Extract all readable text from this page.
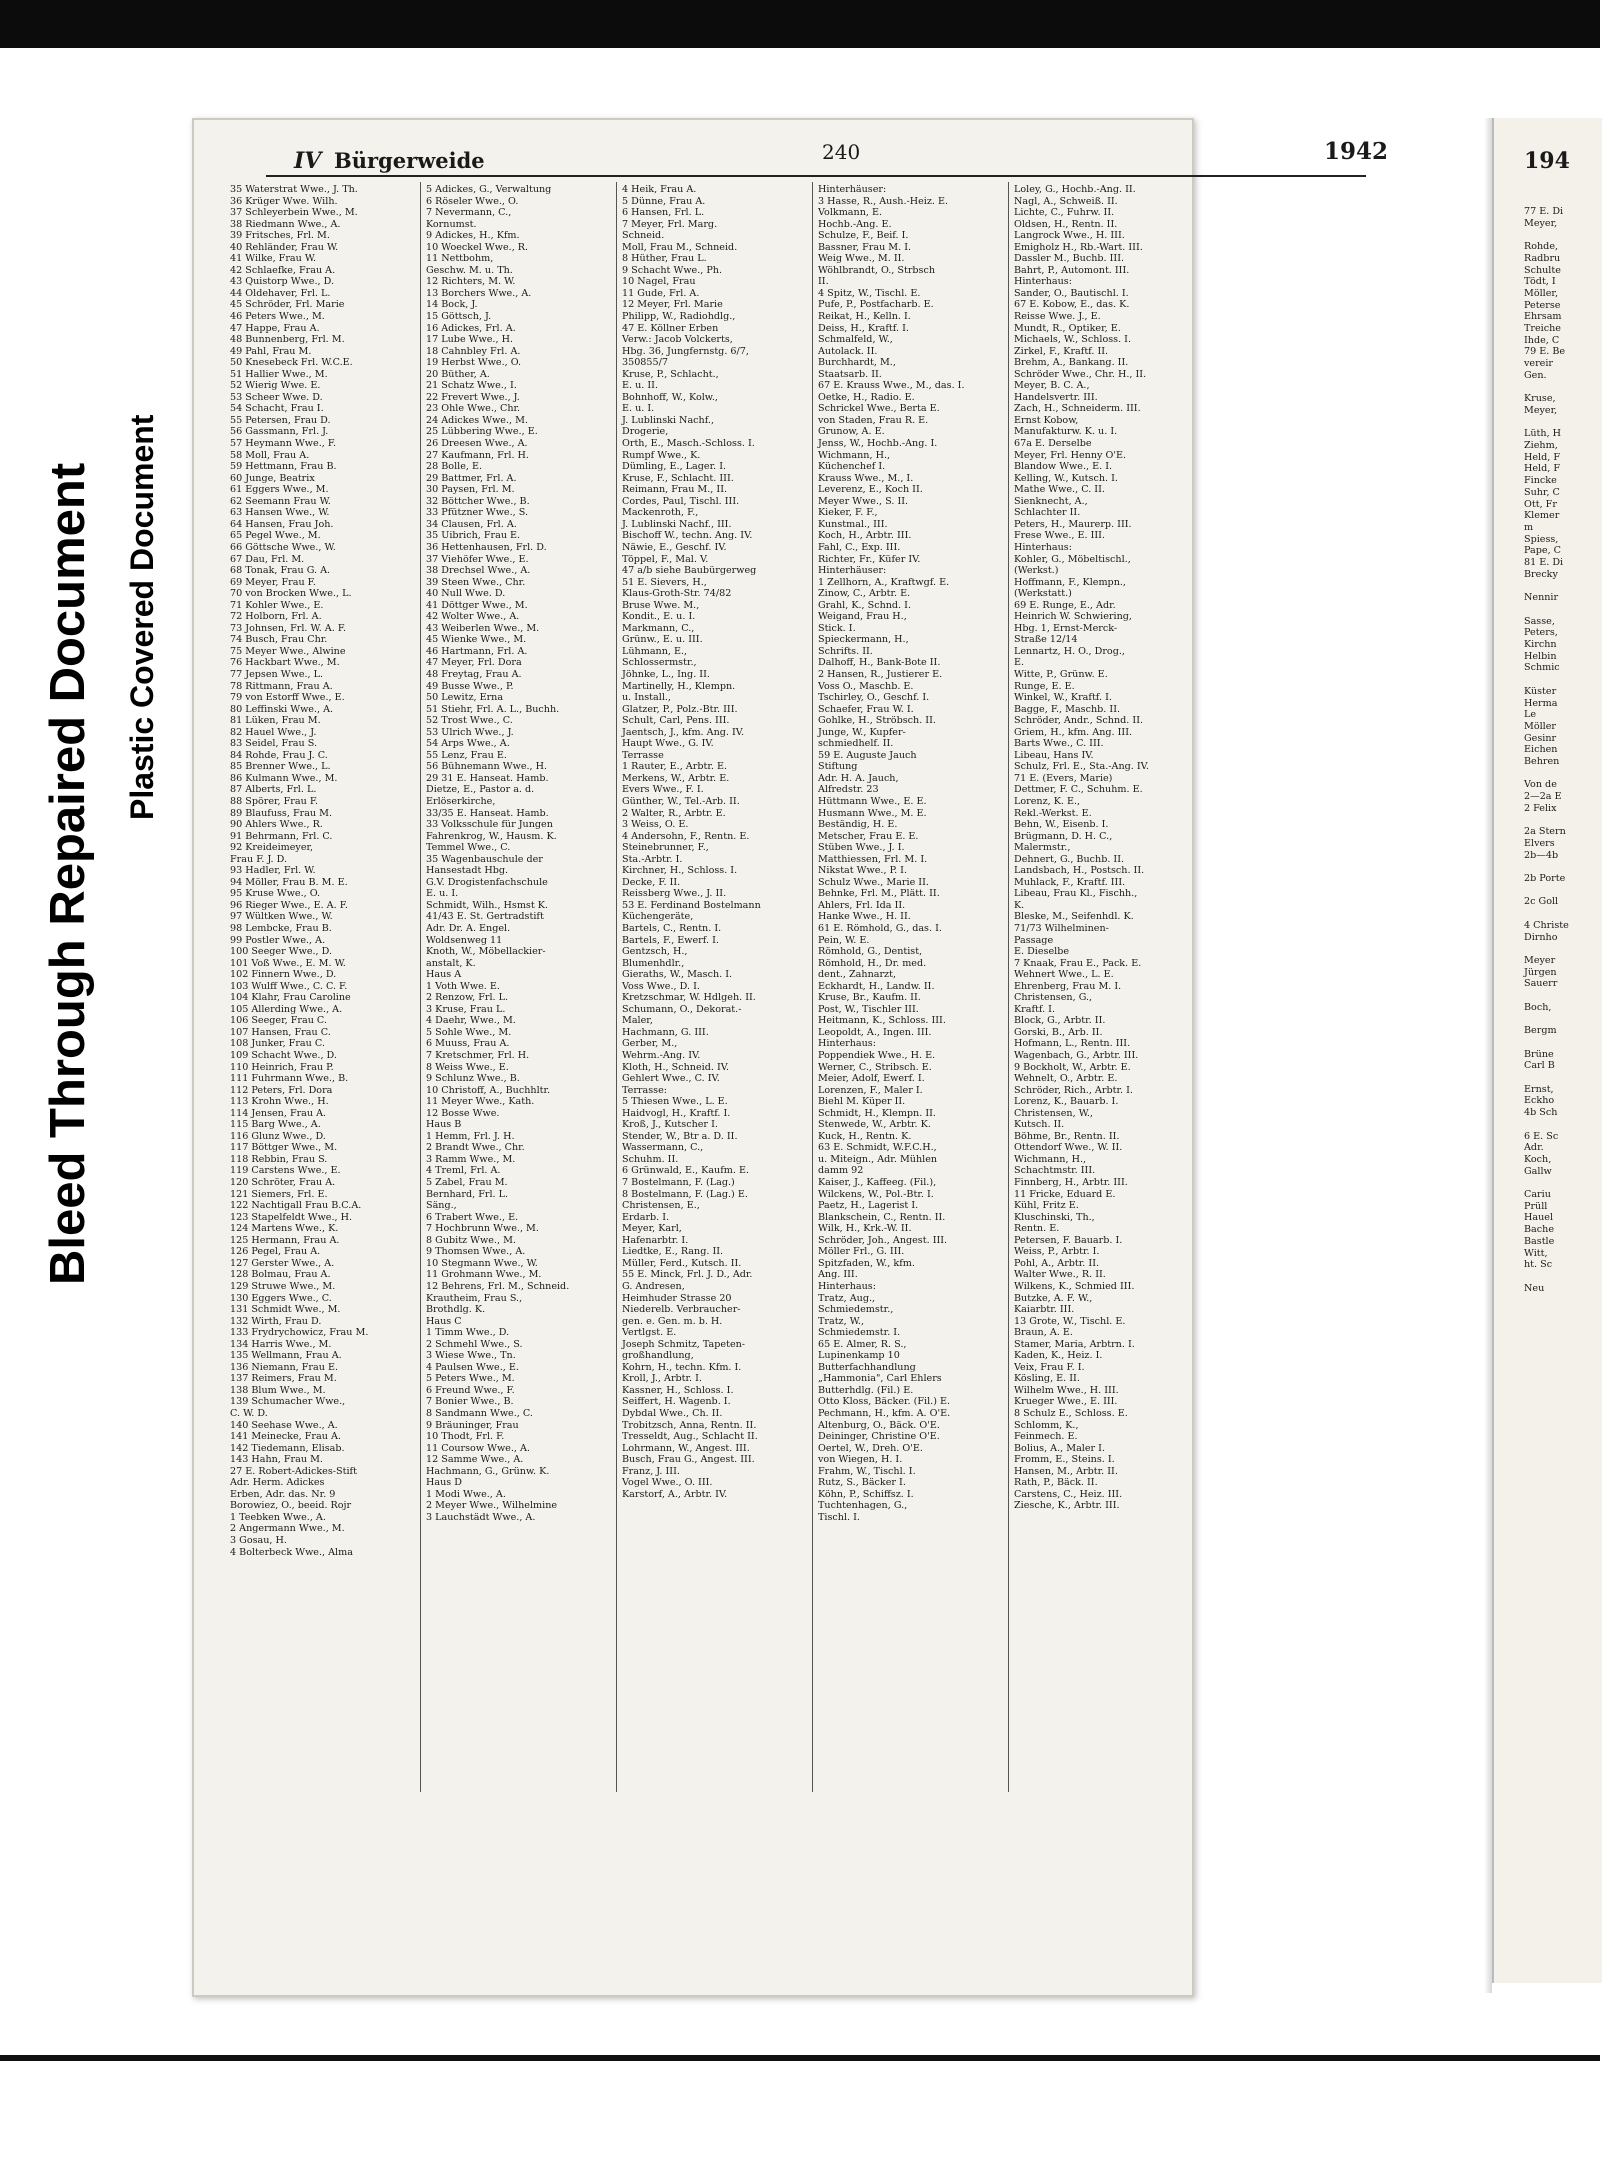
Bleed Through Repaired Document Plastic Covered Document
IV Bürgerweide	240	1942
35 Waterstrat Wwe., J. Th.
36 Krüger Wwe. Wilh.
37 Schleyerbein Wwe., M.
38 Riedmann Wwe., A.
39 Fritsches, Frl. M.
40 Rehländer, Frau W.
41 Wilke, Frau W.
42 Schlaefke, Frau A.
43 Quistorp Wwe., D.
44 Oldehaver, Frl. L.
45 Schröder, Frl. Marie
46 Peters Wwe., M.
47 Happe, Frau A.
48 Bunnenberg, Frl. M.
49 Pahl, Frau M.
50 Knesebeck Frl. W.C.E.
51 Hallier Wwe., M.
52 Wierig Wwe. E.
53 Scheer Wwe. D.
54 Schacht, Frau I.
55 Petersen, Frau D.
56 Gassmann, Frl. J.
57 Heymann Wwe., F.
58 Moll, Frau A.
59 Hettmann, Frau B.
60 Junge, Beatrix
61 Eggers Wwe., M.
62 Seemann Frau W.
63 Hansen Wwe., W.
64 Hansen, Frau Joh.
65 Pegel Wwe., M.
66 Göttsche Wwe., W.
67 Dau, Frl. M.
68 Tonak, Frau G. A.
69 Meyer, Frau F.
70 von Brocken Wwe., L.
71 Kohler Wwe., E.
72 Holborn, Frl. A.
73 Johnsen, Frl. W. A. F.
74 Busch, Frau Chr.
75 Meyer Wwe., Alwine
76 Hackbart Wwe., M.
77 Jepsen Wwe., L.
78 Rittmann, Frau A.
79 von Estorff Wwe., E.
80 Leffinski Wwe., A.
81 Lüken, Frau M.
82 Hauel Wwe., J.
83 Seidel, Frau S.
84 Rohde, Frau J. C.
85 Brenner Wwe., L.
86 Kulmann Wwe., M.
87 Alberts, Frl. L.
88 Spörer, Frau F.
89 Blaufuss, Frau M.
90 Ahlers Wwe., R.
91 Behrmann, Frl. C.
92 Kreideimeyer,
Frau F. J. D.
93 Hadler, Frl. W.
94 Möller, Frau B. M. E.
95 Kruse Wwe., O.
96 Rieger Wwe., E. A. F.
97 Wültken Wwe., W.
98 Lembcke, Frau B.
99 Postler Wwe., A.
100 Seeger Wwe., D.
101 Voß Wwe., E. M. W.
102 Finnern Wwe., D.
103 Wulff Wwe., C. C. F.
104 Klahr, Frau Caroline
105 Allerding Wwe., A.
106 Seeger, Frau C.
107 Hansen, Frau C.
108 Junker, Frau C.
109 Schacht Wwe., D.
110 Heinrich, Frau P.
111 Fuhrmann Wwe., B.
112 Peters, Frl. Dora
113 Krohn Wwe., H.
114 Jensen, Frau A.
115 Barg Wwe., A.
116 Glunz Wwe., D.
117 Böttger Wwe., M.
118 Rebbin, Frau S.
119 Carstens Wwe., E.
120 Schröter, Frau A.
121 Siemers, Frl. E.
122 Nachtigall Frau B.C.A.
123 Stapelfeldt Wwe., H.
124 Martens Wwe., K.
125 Hermann, Frau A.
126 Pegel, Frau A.
127 Gerster Wwe., A.
128 Bolmau, Frau A.
129 Struwe Wwe., M.
130 Eggers Wwe., C.
131 Schmidt Wwe., M.
132 Wirth, Frau D.
133 Frydrychowicz, Frau M.
134 Harris Wwe., M.
135 Wellmann, Frau A.
136 Niemann, Frau E.
137 Reimers, Frau M.
138 Blum Wwe., M.
139 Schumacher Wwe.,
C. W. D.
140 Seehase Wwe., A.
141 Meinecke, Frau A.
142 Tiedemann, Elisab.
143 Hahn, Frau M.
27 E. Robert-Adickes-Stift
Adr. Herm. Adickes
Erben, Adr. das. Nr. 9
Borowiez, O., beeid. Rojr
1 Teebken Wwe., A.
2 Angermann Wwe., M.
3 Gosau, H.
4 Bolterbeck Wwe., Alma
5 Adickes, G., Verwaltung
6 Röseler Wwe., O.
7 Nevermann, C.,
Kornumst.
9 Adickes, H., Kfm.
10 Woeckel Wwe., R.
11 Nettbohm,
Geschw. M. u. Th.
12 Richters, M. W.
13 Borchers Wwe., A.
14 Bock, J.
15 Göttsch, J.
16 Adickes, Frl. A.
17 Lube Wwe., H.
18 Cahnbley Frl. A.
19 Herbst Wwe., O.
20 Büther, A.
21 Schatz Wwe., I.
22 Frevert Wwe., J.
23 Ohle Wwe., Chr.
24 Adickes Wwe., M.
25 Lübbering Wwe., E.
26 Dreesen Wwe., A.
27 Kaufmann, Frl. H.
28 Bolle, E.
29 Battmer, Frl. A.
30 Paysen, Frl. M.
32 Böttcher Wwe., B.
33 Pfützner Wwe., S.
34 Clausen, Frl. A.
35 Uibrich, Frau E.
36 Hettenhausen, Frl. D.
37 Viehöfer Wwe., E.
38 Drechsel Wwe., A.
39 Steen Wwe., Chr.
40 Null Wwe. D.
41 Döttger Wwe., M.
42 Wolter Wwe., A.
43 Weiberlen Wwe., M.
45 Wienke Wwe., M.
46 Hartmann, Frl. A.
47 Meyer, Frl. Dora
48 Freytag, Frau A.
49 Busse Wwe., P.
50 Lewitz, Erna
51 Stiehr, Frl. A. L., Buchh.
52 Trost Wwe., C.
53 Ulrich Wwe., J.
54 Arps Wwe., A.
55 Lenz, Frau E.
56 Bühnemann Wwe., H.
29 31 E. Hanseat. Hamb.
Dietze, E., Pastor a. d.
Erlöserkirche,
33/35 E. Hanseat. Hamb.
33 Volksschule für Jungen
Fahrenkrog, W., Hausm. K.
Temmel Wwe., C.
35 Wagenbauschule der
Hansestadt Hbg.
G.V. Drogistenfachschule
E. u. I.
Schmidt, Wilh., Hsmst K.
41/43 E. St. Gertradstift
Adr. Dr. A. Engel.
Woldsenweg 11
Knoth, W., Möbellackier-
anstalt, K.
Haus A
1 Voth Wwe. E.
2 Renzow, Frl. L.
3 Kruse, Frau L.
4 Daehr, Wwe., M.
5 Sohle Wwe., M.
6 Muuss, Frau A.
7 Kretschmer, Frl. H.
8 Weiss Wwe., E.
9 Schlunz Wwe., B.
10 Christoff, A., Buchhltr.
11 Meyer Wwe., Kath.
12 Bosse Wwe.
Haus B
1 Hemm, Frl. J. H.
2 Brandt Wwe., Chr.
3 Ramm Wwe., M.
4 Treml, Frl. A.
5 Zabel, Frau M.
Bernhard, Frl. L.
Säng.,
6 Trabert Wwe., E.
7 Hochbrunn Wwe., M.
8 Gubitz Wwe., M.
9 Thomsen Wwe., A.
10 Stegmann Wwe., W.
11 Grohmann Wwe., M.
12 Behrens, Frl. M., Schneid.
Krautheim, Frau S.,
Brothdlg. K.
Haus C
1 Timm Wwe., D.
2 Schmehl Wwe., S.
3 Wiese Wwe., Tn.
4 Paulsen Wwe., E.
5 Peters Wwe., M.
6 Freund Wwe., F.
7 Bonier Wwe., B.
8 Sandmann Wwe., C.
9 Bräuninger, Frau
10 Thodt, Frl. F.
11 Coursow Wwe., A.
12 Samme Wwe., A.
Hachmann, G., Grünw. K.
Haus D
1 Modi Wwe., A.
2 Meyer Wwe., Wilhelmine
3 Lauchstädt Wwe., A.
4 Heik, Frau A.
5 Dünne, Frau A.
6 Hansen, Frl. L.
7 Meyer, Frl. Marg.
Schneid.
Moll, Frau M., Schneid.
8 Hüther, Frau L.
9 Schacht Wwe., Ph.
10 Nagel, Frau
11 Gude, Frl. A.
12 Meyer, Frl. Marie
Philipp, W., Radiohdlg.,
47 E. Köllner Erben
Verw.: Jacob Volckerts,
Hbg. 36, Jungfernstg. 6/7,
350855/7
Kruse, P., Schlacht.,
E. u. II.
Bohnhoff, W., Kolw.,
E. u. I.
J. Lublinski Nachf.,
Drogerie,
Orth, E., Masch.-Schloss. I.
Rumpf Wwe., K.
Dümling, E., Lager. I.
Kruse, F., Schlacht. III.
Reimann, Frau M., II.
Cordes, Paul, Tischl. III.
Mackenroth, F.,
J. Lublinski Nachf., III.
Bischoff W., techn. Ang. IV.
Näwie, E., Geschf. IV.
Töppel, F., Mal. V.
47 a/b siehe Baubürgerweg
51 E. Sievers, H.,
Klaus-Groth-Str. 74/82
Bruse Wwe. M.,
Kondit., E. u. I.
Markmann, C.,
Grünw., E. u. III.
Lühmann, E.,
Schlossermstr.,
Jöhnke, L., Ing. II.
Martinelly, H., Klempn.
u. Install.,
Glatzer, P., Polz.-Btr. III.
Schult, Carl, Pens. III.
Jaentsch, J., kfm. Ang. IV.
Haupt Wwe., G. IV.
Terrasse
1 Rauter, E., Arbtr. E.
Merkens, W., Arbtr. E.
Evers Wwe., F. I.
Günther, W., Tel.-Arb. II.
2 Walter, R., Arbtr. E.
3 Weiss, O. E.
4 Andersohn, F., Rentn. E.
Steinebrunner, F.,
Sta.-Arbtr. I.
Kirchner, H., Schloss. I.
Decke, F. II.
Reissberg Wwe., J. II.
53 E. Ferdinand Bostelmann
Küchengeräte,
Bartels, C., Rentn. I.
Bartels, F., Ewerf. I.
Gentzsch, H.,
Blumenhdlr.,
Gieraths, W., Masch. I.
Voss Wwe., D. I.
Kretzschmar, W. Hdlgeh. II.
Schumann, O., Dekorat.-
Maler,
Hachmann, G. III.
Gerber, M.,
Wehrm.-Ang. IV.
Kloth, H., Schneid. IV.
Gehlert Wwe., C. IV.
Terrasse:
5 Thiesen Wwe., L. E.
Haidvogl, H., Kraftf. I.
Kroß, J., Kutscher I.
Stender, W., Btr a. D. II.
Wassermann, C.,
Schuhm. II.
6 Grünwald, E., Kaufm. E.
7 Bostelmann, F. (Lag.)
8 Bostelmann, F. (Lag.) E.
Christensen, E.,
Erdarb. I.
Meyer, Karl,
Hafenarbtr. I.
Liedtke, E., Rang. II.
Müller, Ferd., Kutsch. II.
55 E. Minck, Frl. J. D., Adr.
G. Andresen,
Heimhuder Strasse 20
Niederelb. Verbraucher-
gen. e. Gen. m. b. H.
Vertlgst. E.
Joseph Schmitz, Tapeten-
großhandlung,
Kohrn, H., techn. Kfm. I.
Kroll, J., Arbtr. I.
Kassner, H., Schloss. I.
Seiffert, H. Wagenb. I.
Dybdal Wwe., Ch. II.
Trobitzsch, Anna, Rentn. II.
Tresseldt, Aug., Schlacht II.
Lohrmann, W., Angest. III.
Busch, Frau G., Angest. III.
Franz, J. III.
Vogel Wwe., O. III.
Karstorf, A., Arbtr. IV.
Hinterhäuser:
3 Hasse, R., Aush.-Heiz. E.
Volkmann, E.
Hochb.-Ang. E.
Schulze, F., Beif. I.
Bassner, Frau M. I.
Weig Wwe., M. II.
Wöhlbrandt, O., Strbsch
II.
4 Spitz, W., Tischl. E.
Pufe, P., Postfacharb. E.
Reikat, H., Kelln. I.
Deiss, H., Kraftf. I.
Schmalfeld, W.,
Autolack. II.
Burchhardt, M.,
Staatsarb. II.
67 E. Krauss Wwe., M., das. I.
Oetke, H., Radio. E.
Schrickel Wwe., Berta E.
von Staden, Frau R. E.
Grunow, A. E.
Jenss, W., Hochb.-Ang. I.
Wichmann, H.,
Küchenchef I.
Krauss Wwe., M., I.
Leverenz, E., Koch II.
Meyer Wwe., S. II.
Kieker, F. F.,
Kunstmal., III.
Koch, H., Arbtr. III.
Fahl, C., Exp. III.
Richter, Fr., Küfer IV.
Hinterhäuser:
1 Zellhorn, A., Kraftwgf. E.
Zinow, C., Arbtr. E.
Grahl, K., Schnd. I.
Weigand, Frau H.,
Stick. I.
Spieckermann, H.,
Schrifts. II.
Dalhoff, H., Bank-Bote II.
2 Hansen, R., Justierer E.
Voss O., Maschb. E.
Tschirley, O., Geschf. I.
Schaefer, Frau W. I.
Gohlke, H., Ströbsch. II.
Junge, W., Kupfer-
schmiedhelf. II.
59 E. Auguste Jauch
Stiftung
Adr. H. A. Jauch,
Alfredstr. 23
Hüttmann Wwe., E. E.
Husmann Wwe., M. E.
Beständig, H. E.
Metscher, Frau E. E.
Stüben Wwe., J. I.
Matthiessen, Frl. M. I.
Nikstat Wwe., P. I.
Schulz Wwe., Marie II.
Behnke, Frl. M., Plätt. II.
Ahlers, Frl. Ida II.
Hanke Wwe., H. II.
61 E. Römhold, G., das. I.
Pein, W. E.
Römhold, G., Dentist,
Römhold, H., Dr. med.
dent., Zahnarzt,
Eckhardt, H., Landw. II.
Kruse, Br., Kaufm. II.
Post, W., Tischler III.
Heitmann, K., Schloss. III.
Leopoldt, A., Ingen. III.
Hinterhaus:
Poppendiek Wwe., H. E.
Werner, C., Stribsch. E.
Meier, Adolf, Ewerf. I.
Lorenzen, F., Maler I.
Biehl M. Küper II.
Schmidt, H., Klempn. II.
Stenwede, W., Arbtr. K.
Kuck, H., Rentn. K.
63 E. Schmidt, W.F.C.H.,
u. Miteign., Adr. Mühlen
damm 92
Kaiser, J., Kaffeeg. (Fil.),
Wilckens, W., Pol.-Btr. I.
Paetz, H., Lagerist I.
Blankschein, C., Rentn. II.
Wilk, H., Krk.-W. II.
Schröder, Joh., Angest. III.
Möller Frl., G. III.
Spitzfaden, W., kfm.
Ang. III.
Hinterhaus:
Tratz, Aug.,
Schmiedemstr.,
Tratz, W.,
Schmiedemstr. I.
65 E. Almer, R. S.,
Lupinenkamp 10
Butterfachhandlung
„Hammonia", Carl Ehlers
Butterhdlg. (Fil.) E.
Otto Kloss, Bäcker. (Fil.) E.
Pechmann, H., kfm. A. O'E.
Altenburg, O., Bäck. O'E.
Deininger, Christine O'E.
Oertel, W., Dreh. O'E.
von Wiegen, H. I.
Frahm, W., Tischl. I.
Rutz, S., Bäcker I.
Köhn, P., Schiffsz. I.
Tuchtenhagen, G.,
Tischl. I.
Loley, G., Hochb.-Ang. II.
Nagl, A., Schweiß. II.
Lichte, C., Fuhrw. II.
Oldsen, H., Rentn. II.
Langrock Wwe., H. III.
Emigholz H., Rb.-Wart. III.
Dassler M., Buchb. III.
Bahrt, P., Automont. III.
Hinterhaus:
Sander, O., Bautischl. I.
67 E. Kobow, E., das. K.
Reisse Wwe. J., E.
Mundt, R., Optiker, E.
Michaels, W., Schloss. I.
Zirkel, F., Kraftf. II.
Brehm, A., Bankang. II.
Schröder Wwe., Chr. H., II.
Meyer, B. C. A.,
Handelsvertr. III.
Zach, H., Schneiderm. III.
Ernst Kobow,
Manufakturw. K. u. I.
67a E. Derselbe
Meyer, Frl. Henny O'E.
Blandow Wwe., E. I.
Kelling, W., Kutsch. I.
Mathe Wwe., C. II.
Sienknecht, A.,
Schlachter II.
Peters, H., Maurerp. III.
Frese Wwe., E. III.
Hinterhaus:
Kohler, G., Möbeltischl.,
(Werkst.)
Hoffmann, F., Klempn.,
(Werkstatt.)
69 E. Runge, E., Adr.
Heinrich W. Schwiering,
Hbg. 1, Ernst-Merck-
Straße 12/14
Lennartz, H. O., Drog.,
E.
Witte, P., Grünw. E.
Runge, E. E.
Winkel, W., Kraftf. I.
Bagge, F., Maschb. II.
Schröder, Andr., Schnd. II.
Griem, H., kfm. Ang. III.
Barts Wwe., C. III.
Libeau, Hans IV.
Schulz, Frl. E., Sta.-Ang. IV.
71 E. (Evers, Marie)
Dettmer, F. C., Schuhm. E.
Lorenz, K. E.,
Rekl.-Werkst. E.
Behn, W., Eisenb. I.
Brügmann, D. H. C.,
Malermstr.,
Dehnert, G., Buchb. II.
Landsbach, H., Postsch. II.
Muhlack, F., Kraftf. III.
Libeau, Frau Kl., Fischh.,
K.
Bleske, M., Seifenhdl. K.
71/73 Wilhelminen-
Passage
E. Dieselbe
7 Knaak, Frau E., Pack. E.
Wehnert Wwe., L. E.
Ehrenberg, Frau M. I.
Christensen, G.,
Kraftf. I.
Block, G., Arbtr. II.
Gorski, B., Arb. II.
Hofmann, L., Rentn. III.
Wagenbach, G., Arbtr. III.
9 Bockholt, W., Arbtr. E.
Wehnelt, O., Arbtr. E.
Schröder, Rich., Arbtr. I.
Lorenz, K., Bauarb. I.
Christensen, W.,
Kutsch. II.
Böhme, Br., Rentn. II.
Ottendorf Wwe., W. II.
Wichmann, H.,
Schachtmstr. III.
Finnberg, H., Arbtr. III.
11 Fricke, Eduard E.
Kühl, Fritz E.
Kluschinski, Th.,
Rentn. E.
Petersen, F. Bauarb. I.
Weiss, P., Arbtr. I.
Pohl, A., Arbtr. II.
Walter Wwe., R. II.
Wilkens, K., Schmied III.
Butzke, A. F. W.,
Kaiarbtr. III.
13 Grote, W., Tischl. E.
Braun, A. E.
Stamer, Maria, Arbtrn. I.
Kaden, K., Heiz. I.
Veix, Frau F. I.
Kösling, E. II.
Wilhelm Wwe., H. III.
Krueger Wwe., E. III.
8 Schulz E., Schloss. E.
Schlomm, K.,
Feinmech. E.
Bolius, A., Maler I.
Fromm, E., Steins. I.
Hansen, M., Arbtr. II.
Rath, P., Bäck. II.
Carstens, C., Heiz. III.
Ziesche, K., Arbtr. III.
194
77 E. Di
Meyer,

Rohde,
Radbru
Schulte
Tödt, I
Möller,
Peterse
Ehrsam
Treiche
Ihde, C
79 E. Be
vereir
Gen.

Kruse,
Meyer,

Lüth, H
Ziehm,
Held, F
Held, F
Fincke
Suhr, C
Ott, Fr
Klemer
m
Spiess,
Pape, C
81 E. Di
Brecky

Nennir

Sasse,
Peters,
Kirchn
Helbin
Schmic

Küster
Herma
Le
Möller
Gesinr
Eichen
Behren

Von de
2—2a E
2 Felix

2a Stern
Elvers
2b—4b

2b Porte

2c Goll

4 Christe
Dirnho

Meyer
Jürgen
Sauerr

Boch,

Bergm

Brüne
Carl B

Ernst,
Eckho
4b Sch

6 E. Sc
Adr.
Koch,
Gallw

Cariu
Prüll
Hauel
Bache
Bastle
Witt,
ht. Sc

Neu
